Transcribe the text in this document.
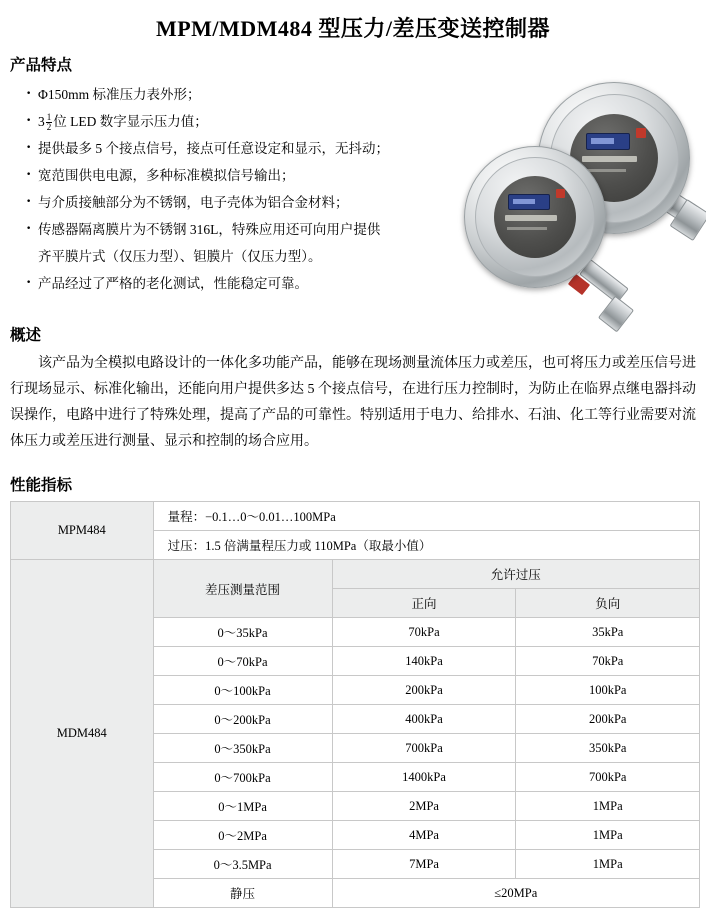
MPM/MDM484 型压力/差压变送控制器
产品特点
· Φ150mm 标准压力表外形；
· $3 \frac{1}{2}$ 位 LED 数字显示压力值；
· 提供最多 5 个接点信号，接点可任意设定和显示，无抖动；
· 宽范围供电电源，多种标准模拟信号输出；
· 与介质接触部分为不锈钢，电子壳体为铝合金材料；
· 传感器隔离膜片为不锈钢 316L，特殊应用还可向用户提供
齐平膜片式（仅压力型）、钽膜片（仅压力型）。
· 产品经过了严格的老化测试，性能稳定可靠。
概述
该产品为全模拟电路设计的一体化多功能产品，能够在现场测量流体压力或差压，也可将压力或差压信号进行现场显示、标准化输出，还能向用户提供多达 5 个接点信号，在进行压力控制时，为防止在临界点继电器抖动误操作，电路中进行了特殊处理，提高了产品的可靠性。特别适用于电力、给排水、石油、化工等行业需要对流体压力或差压进行测量、显示和控制的场合应用。
性能指标
MPM484	量程：−0.1…0～0.01…100MPa		
	过压：1.5 倍满量程压力或 110MPa（取最小值）		
MDM484	差压测量范围	允许过压	
		正向	负向
	0～35kPa	70kPa	35kPa
	0～70kPa	140kPa	70kPa
	0～100kPa	200kPa	100kPa
	0～200kPa	400kPa	200kPa
	0～350kPa	700kPa	350kPa
	0～700kPa	1400kPa	700kPa
	0～1MPa	2MPa	1MPa
	0～2MPa	4MPa	1MPa
	0～3.5MPa	7MPa	1MPa
	静压	≤20MPa	
